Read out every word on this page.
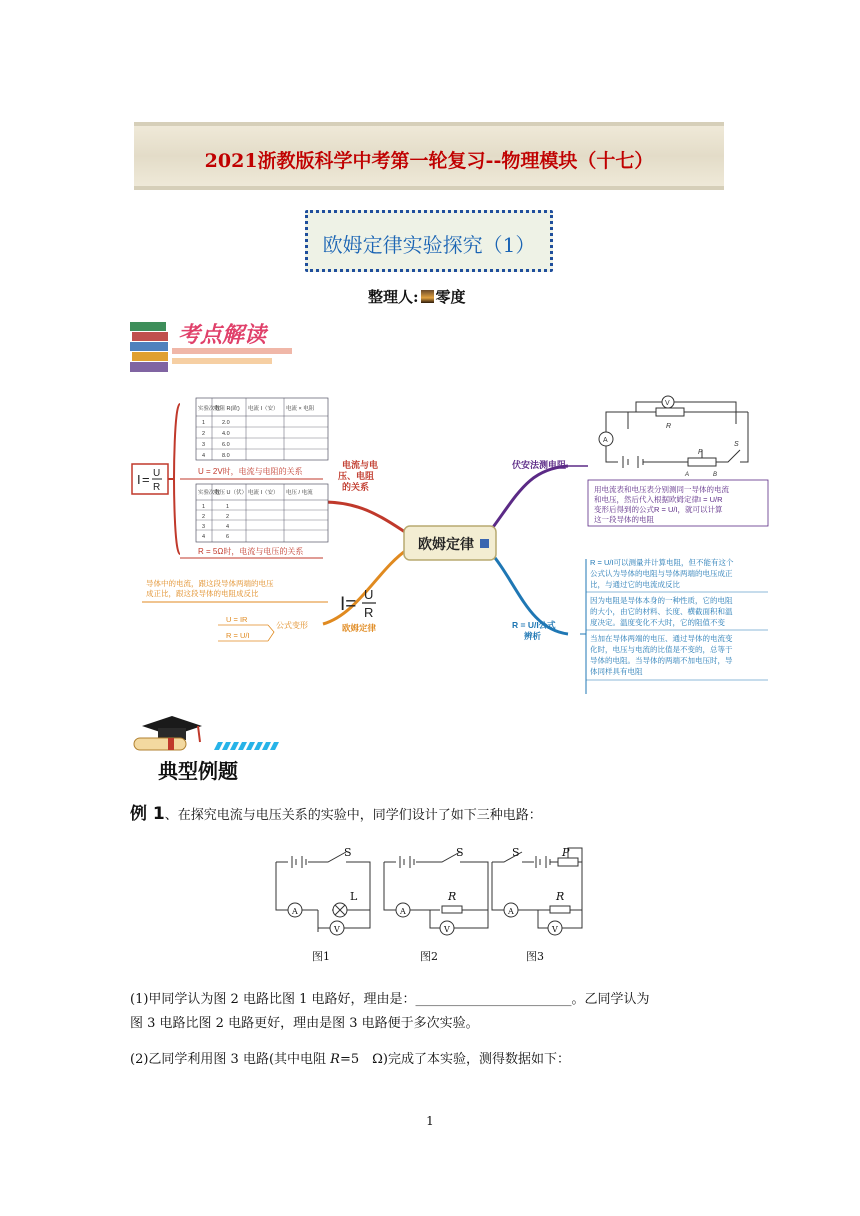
2021浙教版科学中考第一轮复习--物理模块（十七）
欧姆定律实验探究（1）
整理人: 零度
考点解读
欧姆定律
I = U
R
实验次数
电阻 R(欧) 电流 I（安） 电流 × 电阻
1	2.0
2	4.0
3	6.0
4	8.0
U = 2V时，电流与电阻的关系
实验次数
电压 U（伏） 电流 I（安） 电压 / 电流
1	1
2	2
3	4
4	6
R = 5Ω时，电流与电压的关系
电流与电压、电阻的关系
导体中的电流，跟这段导体两端的电压
成正比，跟这段导体的电阻成反比
I= U
R
欧姆定律
公式变形
U = IR
R = U/I
伏安法测电阻
V
A
R
P
S
A	B
用电流表和电压表分别测同一导体的电流
和电压，然后代入根据欧姆定律I = U/R
变形后得到的公式R = U/I，就可以计算
这一段导体的电阻
R = U/I公式辨析
R = U/I可以测量并计算电阻，但不能有这个
公式认为导体的电阻与导体两端的电压成正
比，与通过它的电流成反比
因为电阻是导体本身的一种性质，它的电阻
的大小，由它的材料、长度、横截面积和温
度决定。温度变化不大时，它的阻值不变
当加在导体两端的电压、通过导体的电流变
化时，电压与电流的比值是不变的，总等于
导体的电阻。当导体的两端不加电压时，导
体同样具有电阻
典型例题
例 1、在探究电流与电压关系的实验中，同学们设计了如下三种电路：
S
L
A
V
S
R
A
V
S	P
R
A
V
图1	图2	图3
(1)甲同学认为图 2 电路比图 1 电路好，理由是：________________________。乙同学认为
图 3 电路比图 2 电路更好，理由是图 3 电路便于多次实验。
(2)乙同学利用图 3 电路(其中电阻 R=5　Ω)完成了本实验，测得数据如下：
1
